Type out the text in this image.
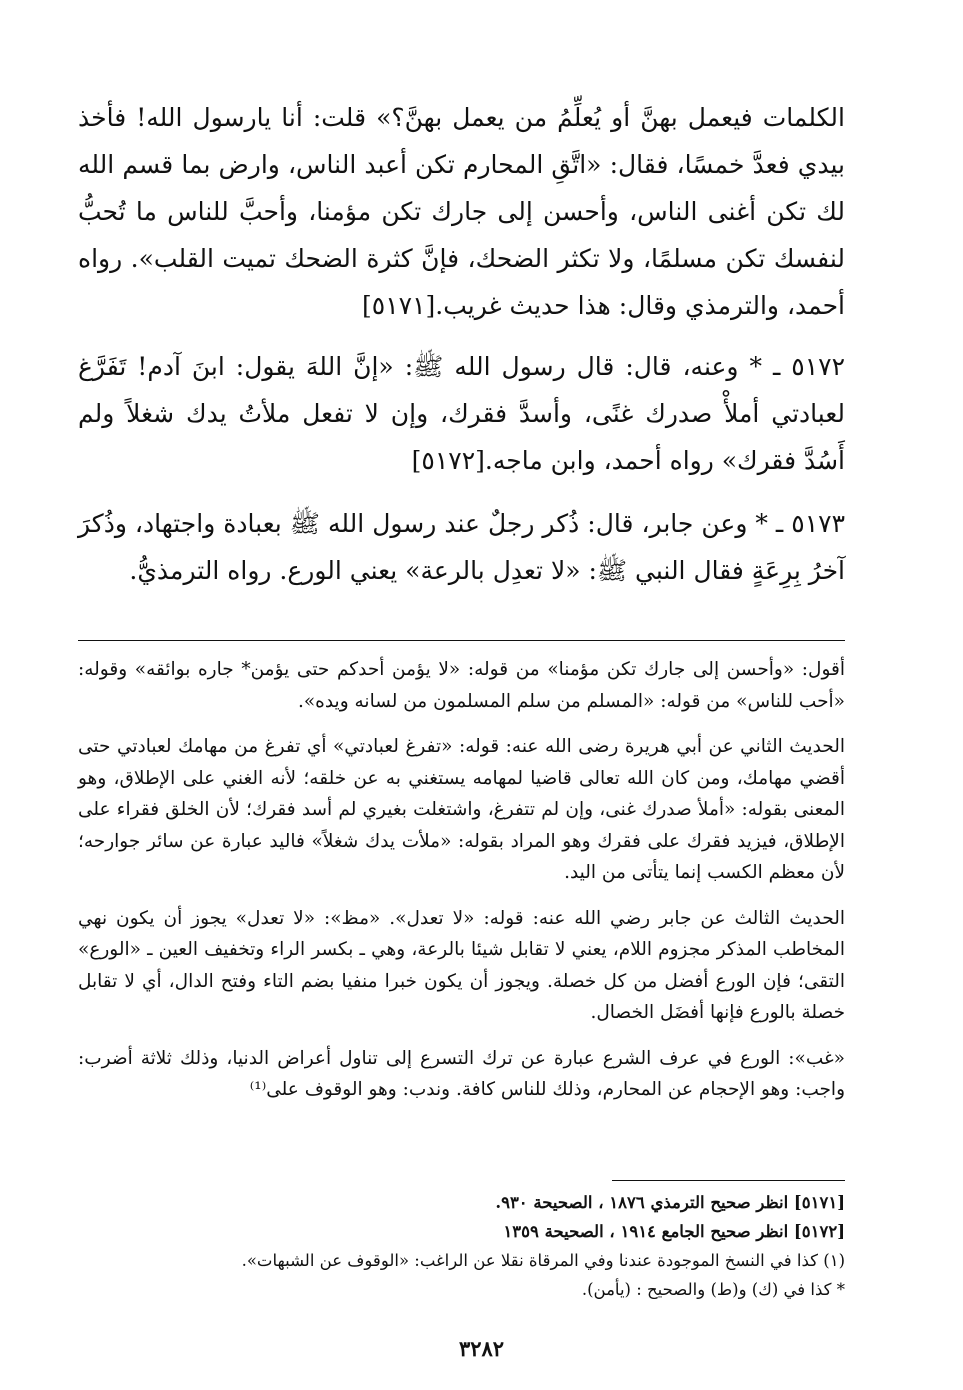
الكلمات فيعمل بهنَّ أو يُعلِّمُ من يعمل بهنَّ؟» قلت: أنا يارسول الله! فأخذ بيدي فعدَّ خمسًا، فقال: «اتَّقِ المحارم تكن أعبد الناس، وارض بما قسم الله لك تكن أغنى الناس، وأحسن إلى جارك تكن مؤمنا، وأحبَّ للناس ما تُحبُّ لنفسك تكن مسلمًا، ولا تكثر الضحك، فإنَّ كثرة الضحك تميت القلب». رواه أحمد، والترمذي وقال: هذا حديث غريب.[٥١٧١]

٥١٧٢ ـ * وعنه، قال: قال رسول الله ﷺ: «إنَّ اللهَ يقول: ابنَ آدم! تَفَرَّغ لعبادتي أملأْ صدرك غنًى، وأسدَّ فقرك، وإن لا تفعل ملأتُ يدك شغلاً ولم أَسُدَّ فقرك» رواه أحمد، وابن ماجه.[٥١٧٢]

٥١٧٣ ـ * وعن جابر، قال: ذُكر رجلٌ عند رسول الله ﷺ بعبادة واجتهاد، وذُكرَ آخرُ بِرِعَةٍ فقال النبي ﷺ: «لا تعدِل بالرعة» يعني الورع. رواه الترمذيُّ.

أقول: «وأحسن إلى جارك تكن مؤمنا» من قوله: «لا يؤمن أحدكم حتى يؤمن* جاره بوائقه» وقوله: «أحب للناس» من قوله: «المسلم من سلم المسلمون من لسانه ويده».

الحديث الثاني عن أبي هريرة رضى الله عنه: قوله: «تفرغ لعبادتي» أي تفرغ من مهامك لعبادتي حتى أقضي مهامك، ومن كان الله تعالى قاضيا لمهامه يستغني به عن خلقه؛ لأنه الغني على الإطلاق، وهو المعنى بقوله: «أملأ صدرك غنى، وإن لم تتفرغ، واشتغلت بغيري لم أسد فقرك؛ لأن الخلق فقراء على الإطلاق، فيزيد فقرك على فقرك وهو المراد بقوله: «ملأت يدك شغلاً» فاليد عبارة عن سائر جوارحه؛ لأن معظم الكسب إنما يتأتى من اليد.

الحديث الثالث عن جابر رضي الله عنه: قوله: «لا تعدل». «مظ»: «لا تعدل» يجوز أن يكون نهي المخاطب المذكر مجزوم اللام، يعني لا تقابل شيئا بالرعة، وهي ـ بكسر الراء وتخفيف العين ـ «الورع» التقى؛ فإن الورع أفضل من كل خصلة. ويجوز أن يكون خبرا منفيا بضم التاء وفتح الدال، أي لا تقابل خصلة بالورع فإنها أفضَل الخصال.

«غب»: الورع في عرف الشرع عبارة عن ترك التسرع إلى تناول أعراض الدنيا، وذلك ثلاثة أضرب: واجب: وهو الإحجام عن المحارم، وذلك للناس كافة. وندب: وهو الوقوف على⁽¹⁾

[٥١٧١] انظر صحيح الترمذي ١٨٧٦ ، الصحيحة ٩٣٠.

[٥١٧٢] انظر صحيح الجامع ١٩١٤ ، الصحيحة ١٣٥٩

(١) كذا في النسخ الموجودة عندنا وفي المرقاة نقلا عن الراغب: «الوقوف عن الشبهات».

* كذا في (ك) و(ط) والصحيح : (يأمن).

٣٢٨٢
